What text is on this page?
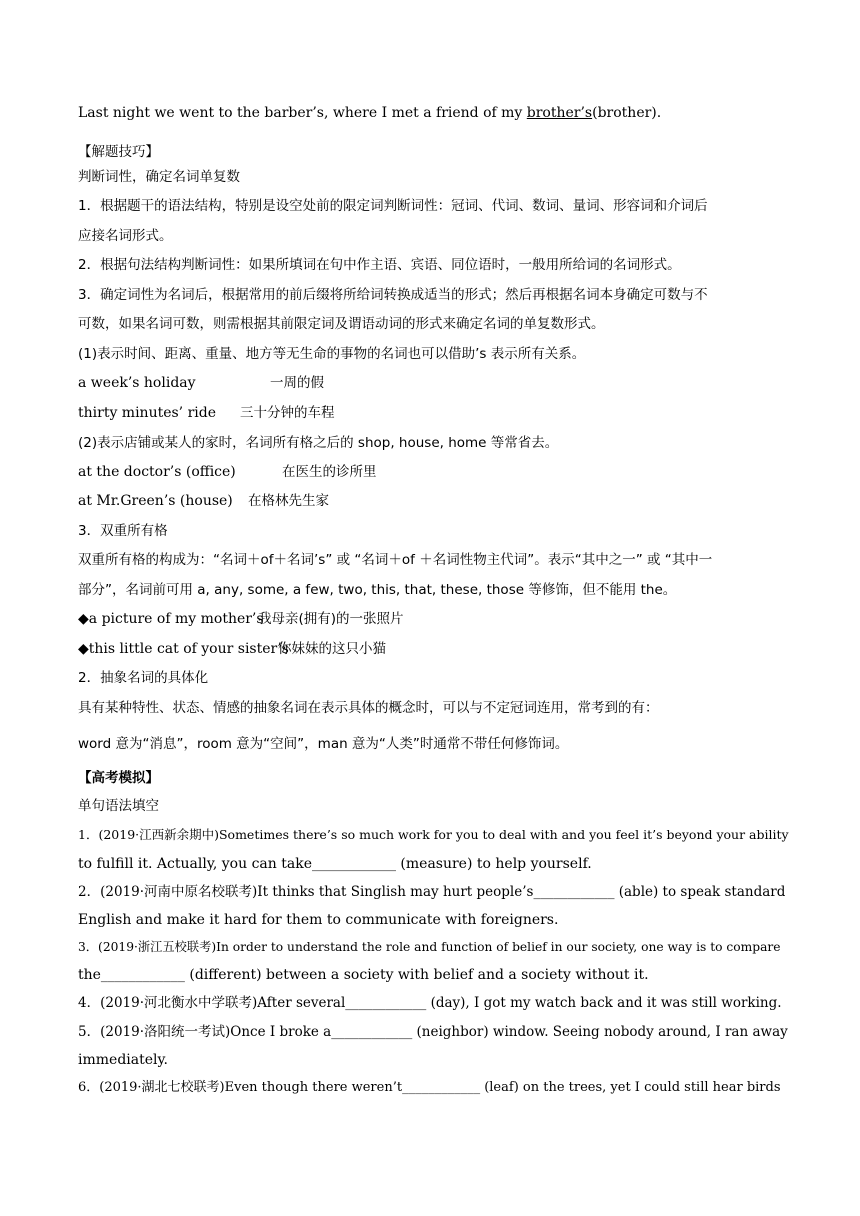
Last night we went to the barber’s, where I met a friend of my brother’s(brother).
【解题技巧】
判断词性，确定名词单复数
1．根据题干的语法结构，特别是设空处前的限定词判断词性：冠词、代词、数词、量词、形容词和介词后
应接名词形式。
2．根据句法结构判断词性：如果所填词在句中作主语、宾语、同位语时，一般用所给词的名词形式。
3．确定词性为名词后，根据常用的前后缀将所给词转换成适当的形式；然后再根据名词本身确定可数与不
可数，如果名词可数，则需根据其前限定词及谓语动词的形式来确定名词的单复数形式。
(1)表示时间、距离、重量、地方等无生命的事物的名词也可以借助’s 表示所有关系。
a week’s holiday	一周的假
thirty minutes’ ride 三十分钟的车程
(2)表示店铺或某人的家时，名词所有格之后的 shop, house, home 等常省去。
at the doctor’s (office)	在医生的诊所里
at Mr.Green’s (house) 在格林先生家
3．双重所有格
双重所有格的构成为：“名词＋of＋名词’s” 或 “名词＋of ＋名词性物主代词”。表示“其中之一” 或 “其中一
部分”，名词前可用 a, any, some, a few, two, this, that, these, those 等修饰，但不能用 the。
◆a picture of my mother’s
我母亲(拥有)的一张照片
◆this little cat of your sister’s
你妹妹的这只小猫
2．抽象名词的具体化
具有某种特性、状态、情感的抽象名词在表示具体的概念时，可以与不定冠词连用，常考到的有：
word 意为“消息”，room 意为“空间”，man 意为“人类”时通常不带任何修饰词。
【高考模拟】
单句语法填空
1．(2019·江西新余期中)Sometimes there’s so much work for you to deal with and you feel it’s beyond your ability
to fulfill it. Actually, you can take____________ (measure) to help yourself.
2．(2019·河南中原名校联考)It thinks that Singlish may hurt people’s____________ (able) to speak standard
English and make it hard for them to communicate with foreigners.
3．(2019·浙江五校联考)In order to understand the role and function of belief in our society, one way is to compare
the____________ (different) between a society with belief and a society without it.
4．(2019·河北衡水中学联考)After several____________ (day), I got my watch back and it was still working.
5．(2019·洛阳统一考试)Once I broke a____________ (neighbor) window. Seeing nobody around, I ran away
immediately.
6．(2019·湖北七校联考)Even though there weren’t____________ (leaf) on the trees, yet I could still hear birds
